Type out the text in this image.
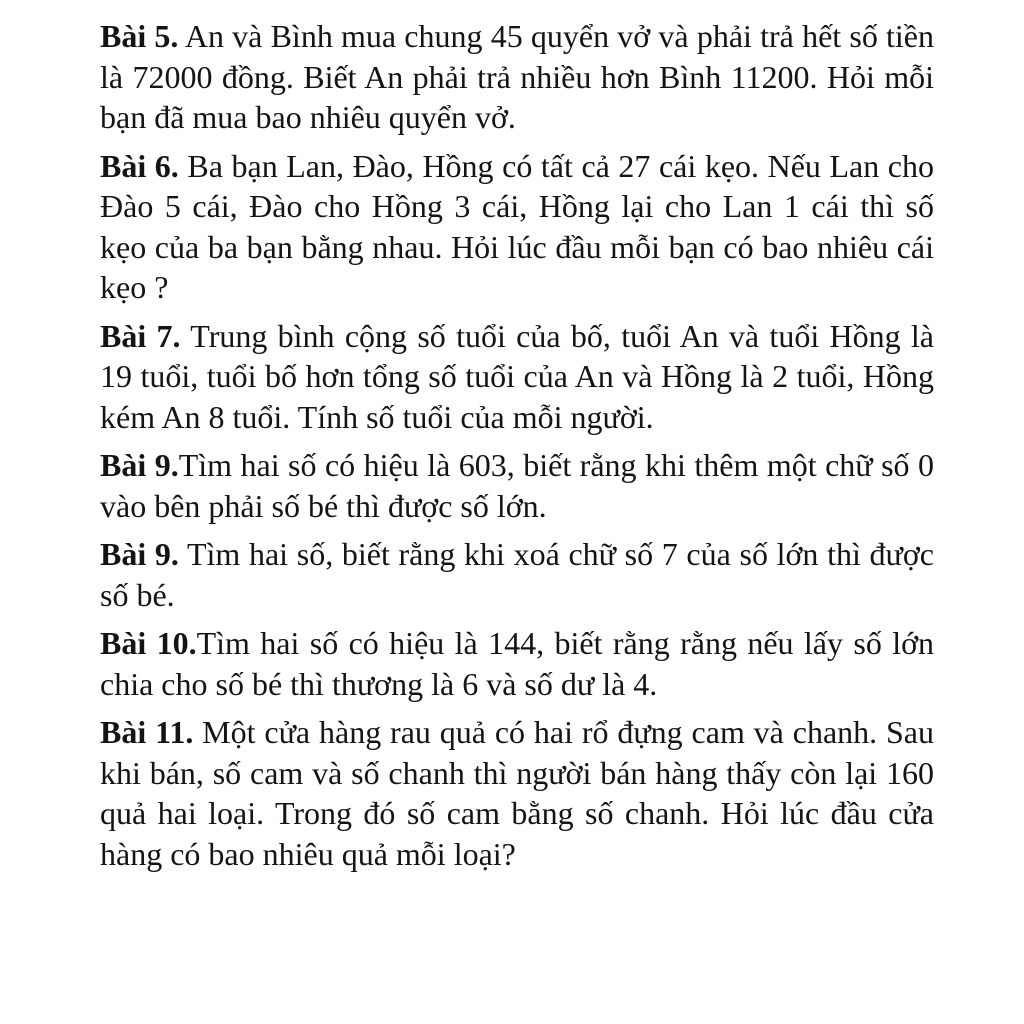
Bài 5. An và Bình mua chung 45 quyển vở và phải trả hết số tiền là 72000 đồng. Biết An phải trả nhiều hơn Bình 11200. Hỏi mỗi bạn đã mua bao nhiêu quyển vở.

Bài 6. Ba bạn Lan, Đào, Hồng có tất cả 27 cái kẹo. Nếu Lan cho Đào 5 cái, Đào cho Hồng 3 cái, Hồng lại cho Lan 1 cái thì số kẹo của ba bạn bằng nhau. Hỏi lúc đầu mỗi bạn có bao nhiêu cái kẹo ?

Bài 7. Trung bình cộng số tuổi của bố, tuổi An và tuổi Hồng là 19 tuổi, tuổi bố hơn tổng số tuổi của An và Hồng là 2 tuổi, Hồng kém An 8 tuổi. Tính số tuổi của mỗi người.

Bài 9.Tìm hai số có hiệu là 603, biết rằng khi thêm một chữ số 0 vào bên phải số bé thì được số lớn.

Bài 9. Tìm hai số, biết rằng khi xoá chữ số 7 của số lớn thì được số bé.

Bài 10.Tìm hai số có hiệu là 144, biết rằng rằng nếu lấy số lớn chia cho số bé thì thương là 6 và số dư là 4.

Bài 11. Một cửa hàng rau quả có hai rổ đựng cam và chanh. Sau khi bán, số cam và số chanh thì người bán hàng thấy còn lại 160 quả hai loại. Trong đó số cam bằng số chanh. Hỏi lúc đầu cửa hàng có bao nhiêu quả mỗi loại?
